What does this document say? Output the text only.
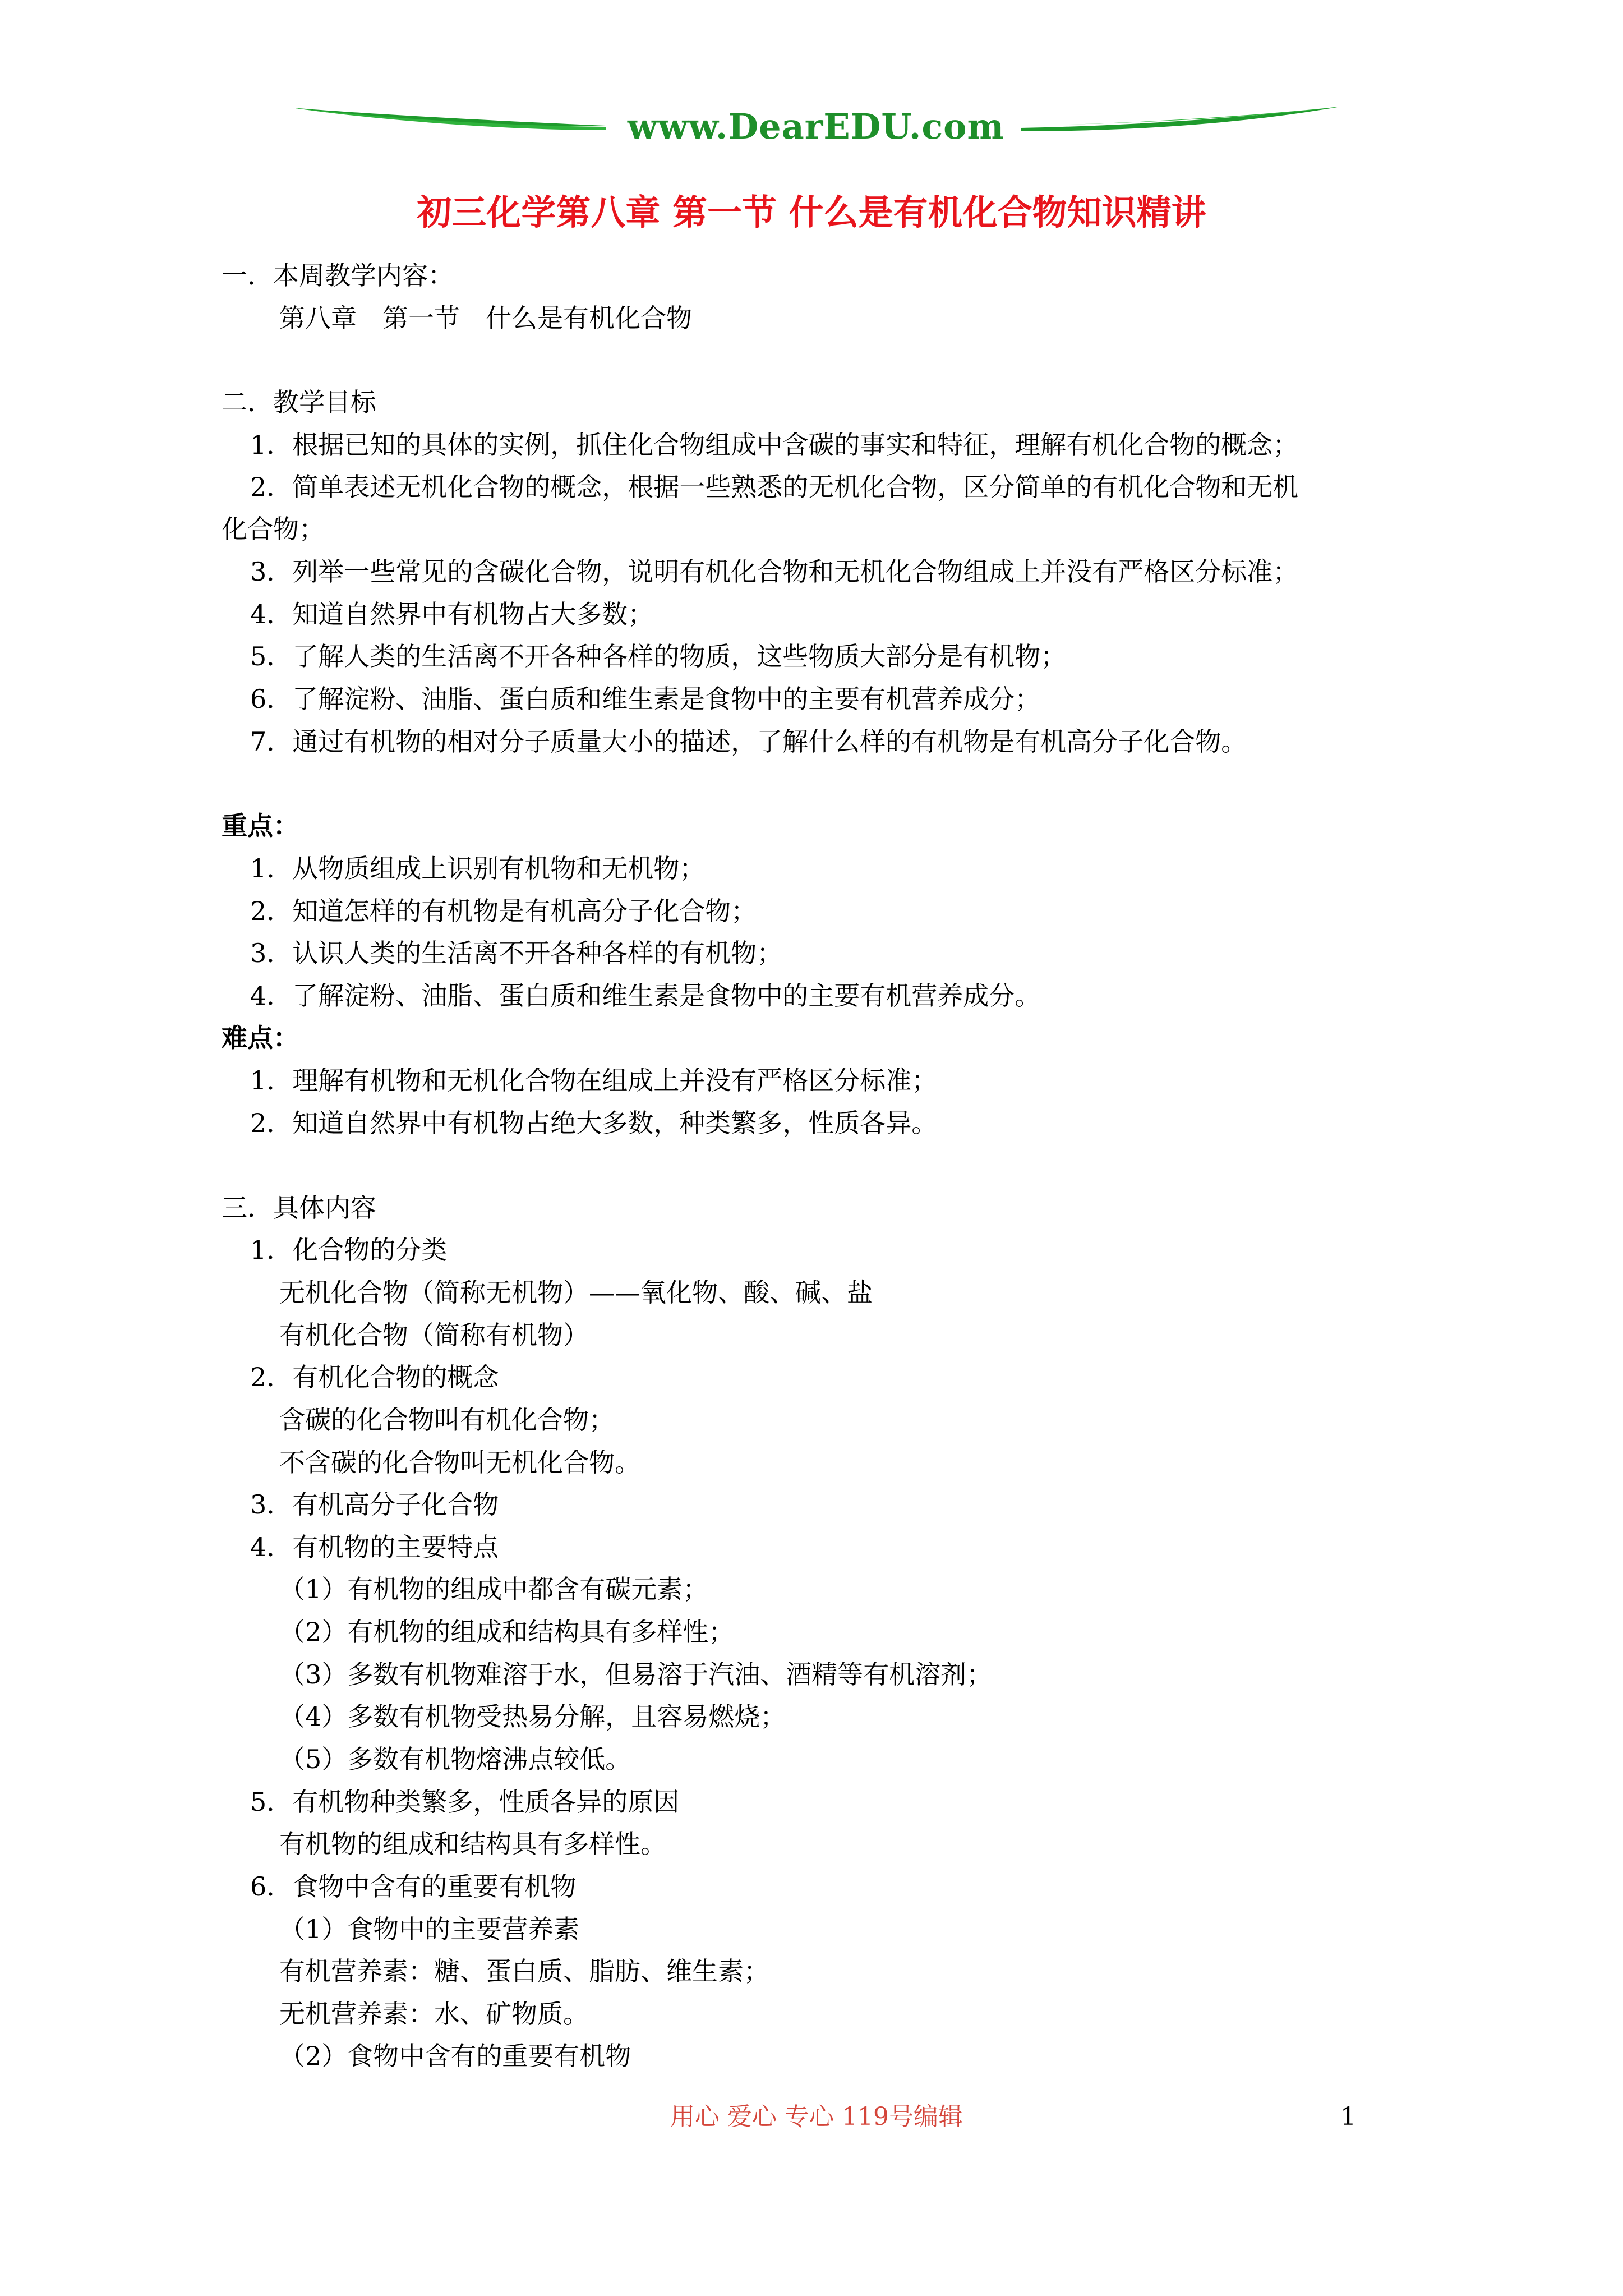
www.DearEDU.com
初三化学第八章 第一节 什么是有机化合物知识精讲
一．本周教学内容：
第八章　第一节　什么是有机化合物
二．教学目标
1．根据已知的具体的实例，抓住化合物组成中含碳的事实和特征，理解有机化合物的概念；
2．简单表述无机化合物的概念，根据一些熟悉的无机化合物，区分简单的有机化合物和无机
化合物；
3．列举一些常见的含碳化合物，说明有机化合物和无机化合物组成上并没有严格区分标准；
4．知道自然界中有机物占大多数；
5．了解人类的生活离不开各种各样的物质，这些物质大部分是有机物；
6．了解淀粉、油脂、蛋白质和维生素是食物中的主要有机营养成分；
7．通过有机物的相对分子质量大小的描述，了解什么样的有机物是有机高分子化合物。
重点：
1．从物质组成上识别有机物和无机物；
2．知道怎样的有机物是有机高分子化合物；
3．认识人类的生活离不开各种各样的有机物；
4．了解淀粉、油脂、蛋白质和维生素是食物中的主要有机营养成分。
难点：
1．理解有机物和无机化合物在组成上并没有严格区分标准；
2．知道自然界中有机物占绝大多数，种类繁多，性质各异。
三．具体内容
1．化合物的分类
无机化合物（简称无机物）——氧化物、酸、碱、盐
有机化合物（简称有机物）
2．有机化合物的概念
含碳的化合物叫有机化合物；
不含碳的化合物叫无机化合物。
3．有机高分子化合物
4．有机物的主要特点
（1）有机物的组成中都含有碳元素；
（2）有机物的组成和结构具有多样性；
（3）多数有机物难溶于水，但易溶于汽油、酒精等有机溶剂；
（4）多数有机物受热易分解，且容易燃烧；
（5）多数有机物熔沸点较低。
5．有机物种类繁多，性质各异的原因
有机物的组成和结构具有多样性。
6．食物中含有的重要有机物
（1）食物中的主要营养素
有机营养素：糖、蛋白质、脂肪、维生素；
无机营养素：水、矿物质。
（2）食物中含有的重要有机物
用心 爱心 专心 119号编辑	1
